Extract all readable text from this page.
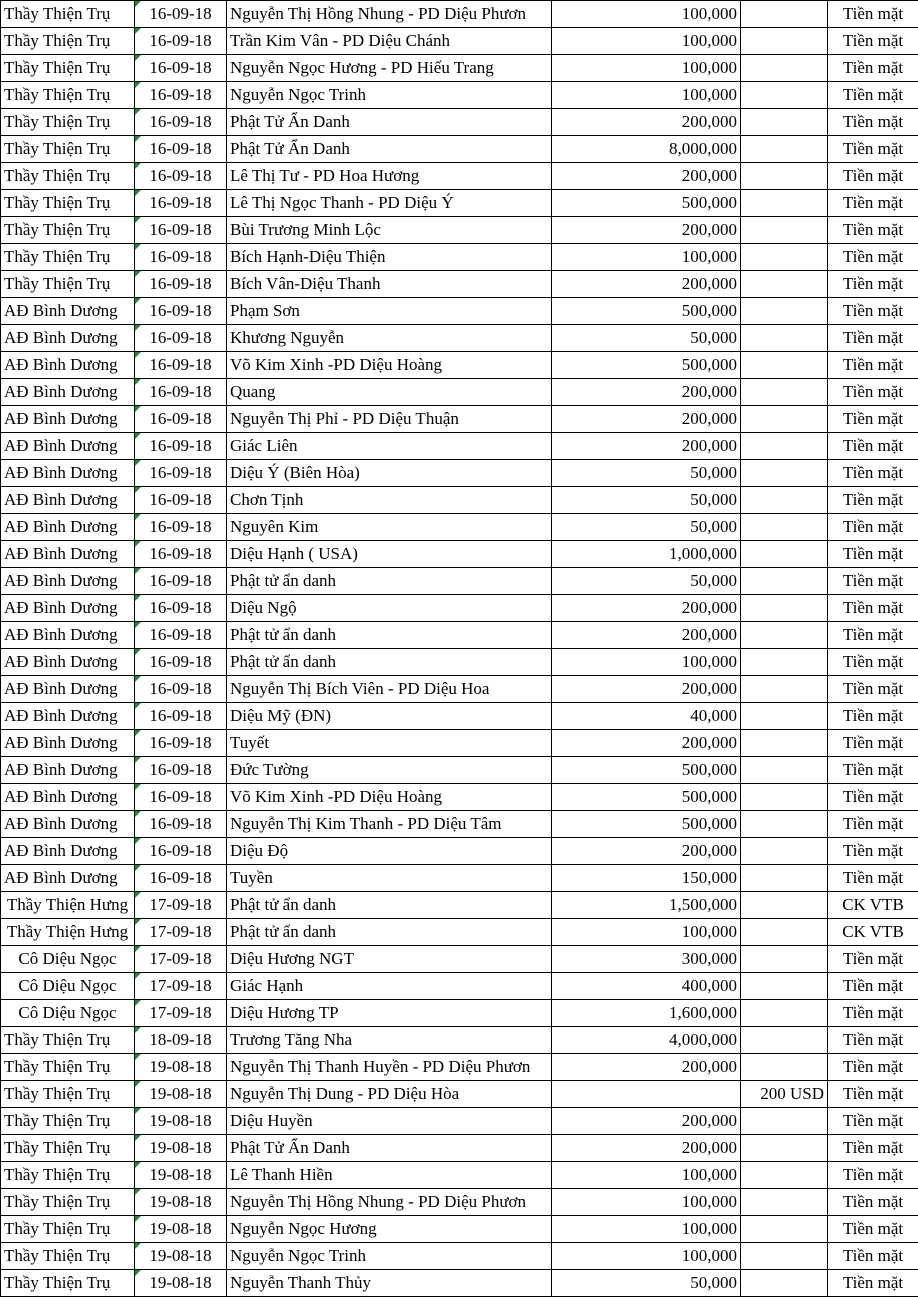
Thầy Thiện Trụ	16-09-18	Nguyễn Thị Hồng Nhung - PD Diệu Phươn	100,000		Tiền mặt
Thầy Thiện Trụ	16-09-18	Trần Kim Vân - PD Diệu Chánh	100,000		Tiền mặt
Thầy Thiện Trụ	16-09-18	Nguyễn Ngọc Hương - PD Hiếu Trang	100,000		Tiền mặt
Thầy Thiện Trụ	16-09-18	Nguyễn Ngọc Trinh	100,000		Tiền mặt
Thầy Thiện Trụ	16-09-18	Phật Tử Ẩn Danh	200,000		Tiền mặt
Thầy Thiện Trụ	16-09-18	Phật Tử Ẩn Danh	8,000,000		Tiền mặt
Thầy Thiện Trụ	16-09-18	Lê Thị Tư - PD Hoa Hương	200,000		Tiền mặt
Thầy Thiện Trụ	16-09-18	Lê Thị Ngọc Thanh - PD Diệu Ý	500,000		Tiền mặt
Thầy Thiện Trụ	16-09-18	Bùi Trương Minh Lộc	200,000		Tiền mặt
Thầy Thiện Trụ	16-09-18	Bích Hạnh-Diệu Thiện	100,000		Tiền mặt
Thầy Thiện Trụ	16-09-18	Bích Vân-Diệu Thanh	200,000		Tiền mặt
AĐ Bình Dương	16-09-18	Phạm Sơn	500,000		Tiền mặt
AĐ Bình Dương	16-09-18	Khương Nguyễn	50,000		Tiền mặt
AĐ Bình Dương	16-09-18	Võ Kim Xinh -PD Diệu Hoàng	500,000		Tiền mặt
AĐ Bình Dương	16-09-18	Quang	200,000		Tiền mặt
AĐ Bình Dương	16-09-18	Nguyễn Thị Phỉ - PD Diệu Thuận	200,000		Tiền mặt
AĐ Bình Dương	16-09-18	Giác Liên	200,000		Tiền mặt
AĐ Bình Dương	16-09-18	Diệu Ý (Biên Hòa)	50,000		Tiền mặt
AĐ Bình Dương	16-09-18	Chơn Tịnh	50,000		Tiền mặt
AĐ Bình Dương	16-09-18	Nguyên Kim	50,000		Tiền mặt
AĐ Bình Dương	16-09-18	Diệu Hạnh ( USA)	1,000,000		Tiền mặt
AĐ Bình Dương	16-09-18	Phật tử ẩn danh	50,000		Tiền mặt
AĐ Bình Dương	16-09-18	Diệu Ngộ	200,000		Tiền mặt
AĐ Bình Dương	16-09-18	Phật tử ẩn danh	200,000		Tiền mặt
AĐ Bình Dương	16-09-18	Phật tử ẩn danh	100,000		Tiền mặt
AĐ Bình Dương	16-09-18	Nguyễn Thị Bích Viên - PD Diệu Hoa	200,000		Tiền mặt
AĐ Bình Dương	16-09-18	Diệu Mỹ (ĐN)	40,000		Tiền mặt
AĐ Bình Dương	16-09-18	Tuyết	200,000		Tiền mặt
AĐ Bình Dương	16-09-18	Đức Tường	500,000		Tiền mặt
AĐ Bình Dương	16-09-18	Võ Kim Xinh -PD Diệu Hoàng	500,000		Tiền mặt
AĐ Bình Dương	16-09-18	Nguyễn Thị Kim Thanh - PD Diệu Tâm	500,000		Tiền mặt
AĐ Bình Dương	16-09-18	Diệu Độ	200,000		Tiền mặt
AĐ Bình Dương	16-09-18	Tuyền	150,000		Tiền mặt
Thầy Thiện Hưng	17-09-18	Phật tử ẩn danh	1,500,000		CK VTB
Thầy Thiện Hưng	17-09-18	Phật tử ẩn danh	100,000		CK VTB
Cô Diệu Ngọc	17-09-18	Diệu Hương NGT	300,000		Tiền mặt
Cô Diệu Ngọc	17-09-18	Giác Hạnh	400,000		Tiền mặt
Cô Diệu Ngọc	17-09-18	Diệu Hương TP	1,600,000		Tiền mặt
Thầy Thiện Trụ	18-09-18	Trương Tăng Nha	4,000,000		Tiền mặt
Thầy Thiện Trụ	19-08-18	Nguyễn Thị Thanh Huyền - PD Diệu Phươn	200,000		Tiền mặt
Thầy Thiện Trụ	19-08-18	Nguyễn Thị Dung - PD Diệu Hòa		200 USD	Tiền mặt
Thầy Thiện Trụ	19-08-18	Diệu Huyền	200,000		Tiền mặt
Thầy Thiện Trụ	19-08-18	Phật Tử Ẩn Danh	200,000		Tiền mặt
Thầy Thiện Trụ	19-08-18	Lê Thanh Hiền	100,000		Tiền mặt
Thầy Thiện Trụ	19-08-18	Nguyễn Thị Hồng Nhung - PD Diệu Phươn	100,000		Tiền mặt
Thầy Thiện Trụ	19-08-18	Nguyễn Ngọc Hương	100,000		Tiền mặt
Thầy Thiện Trụ	19-08-18	Nguyễn Ngọc Trinh	100,000		Tiền mặt
Thầy Thiện Trụ	19-08-18	Nguyễn Thanh Thủy	50,000		Tiền mặt
